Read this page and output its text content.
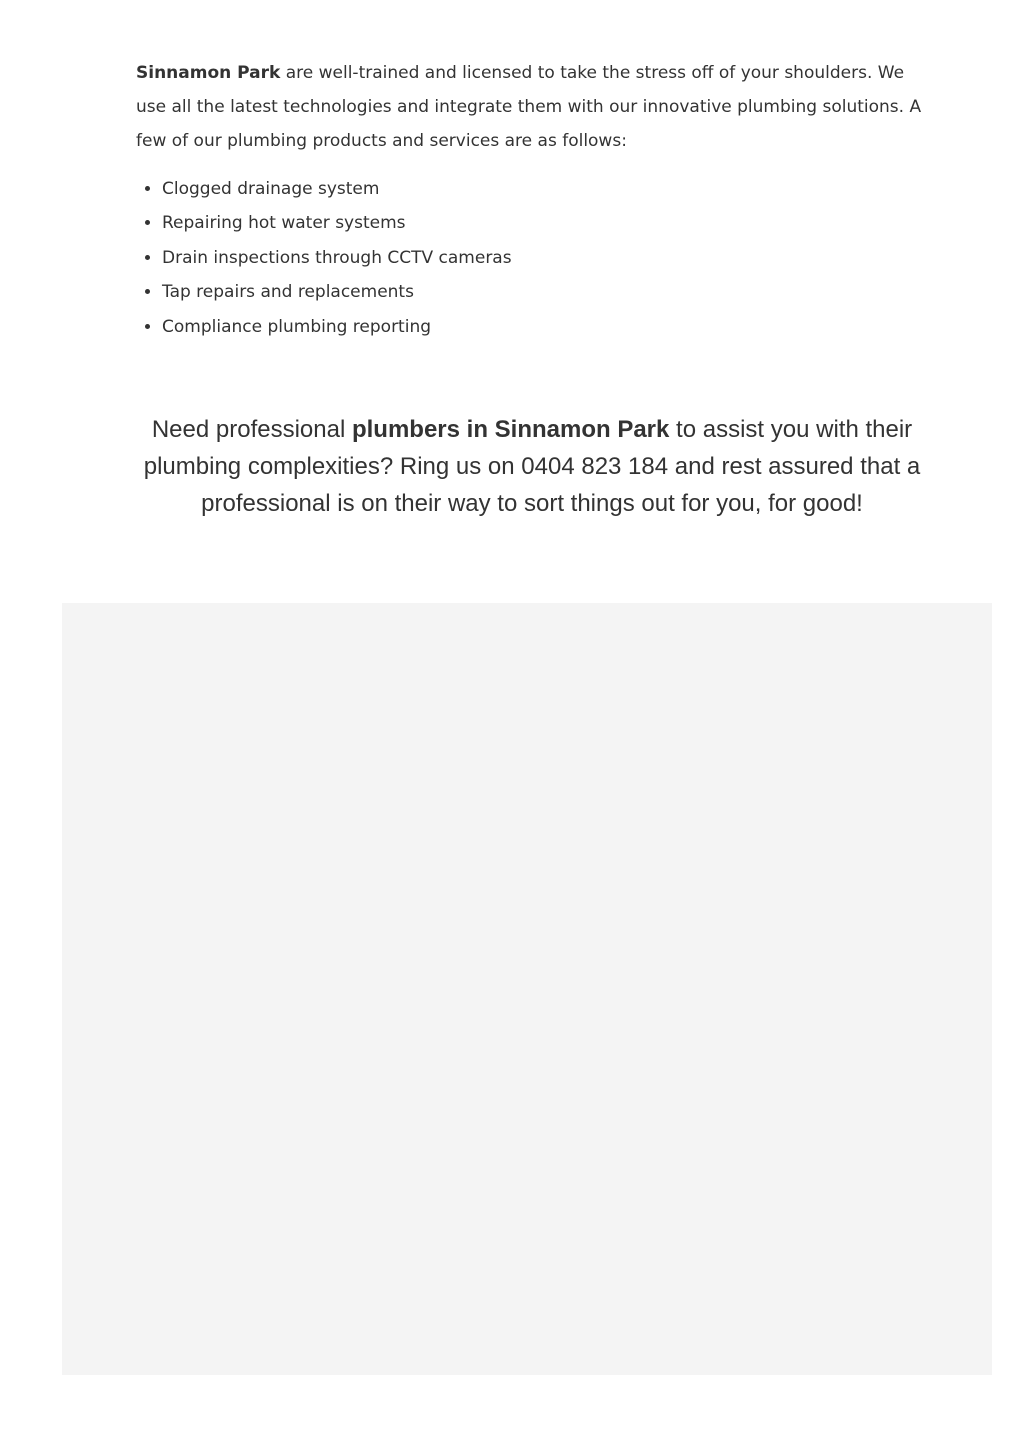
Sinnamon Park are well-trained and licensed to take the stress off of your shoulders. We use all the latest technologies and integrate them with our innovative plumbing solutions. A few of our plumbing products and services are as follows:

• Clogged drainage system
• Repairing hot water systems
• Drain inspections through CCTV cameras
• Tap repairs and replacements
• Compliance plumbing reporting

Need professional plumbers in Sinnamon Park to assist you with their plumbing complexities? Ring us on 0404 823 184 and rest assured that a professional is on their way to sort things out for you, for good!
